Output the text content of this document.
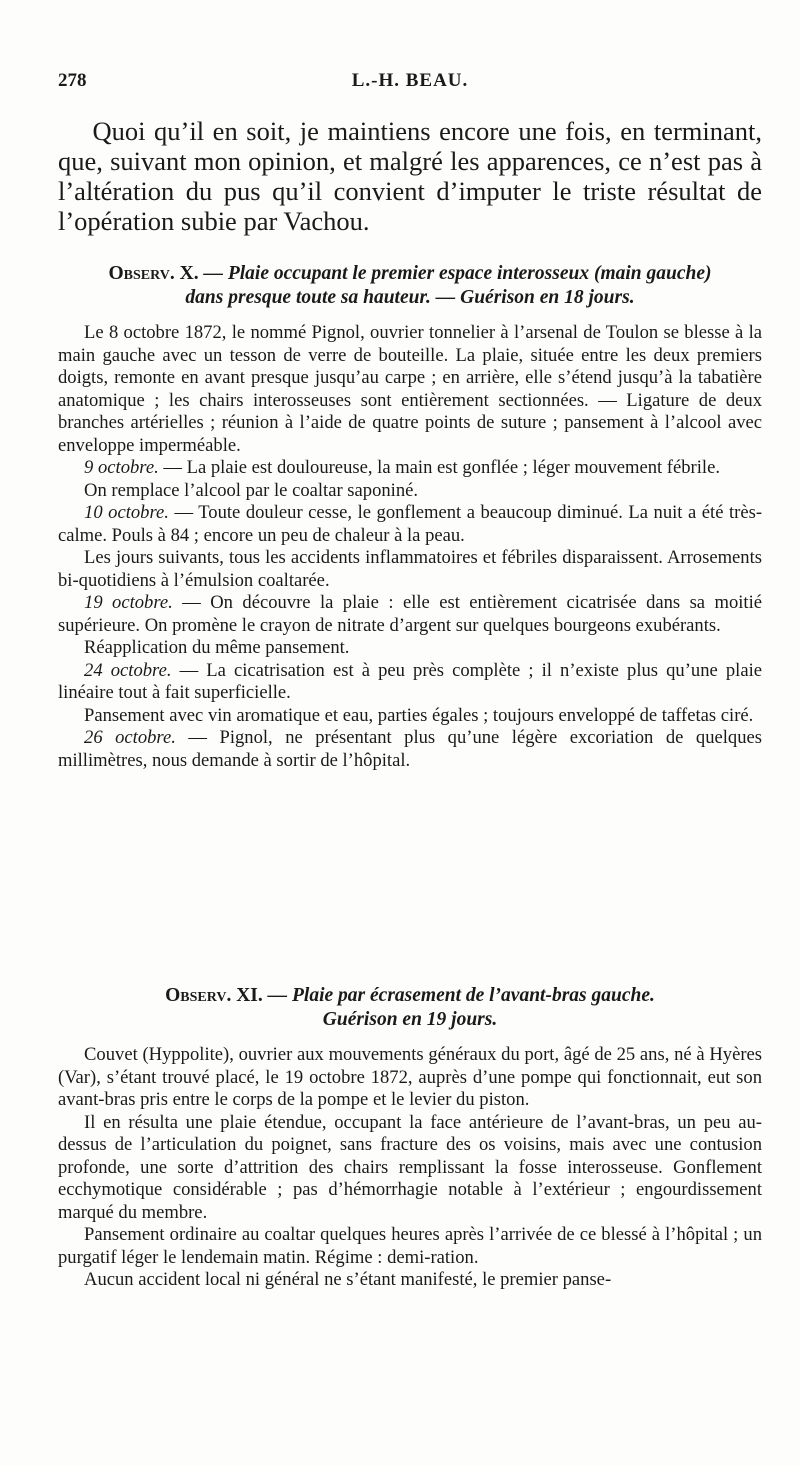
278	L.-H. BEAU.

Quoi qu’il en soit, je maintiens encore une fois, en terminant, que, suivant mon opinion, et malgré les apparences, ce n’est pas à l’altération du pus qu’il convient d’imputer le triste résultat de l’opération subie par Vachou.

Observ. X. — Plaie occupant le premier espace interosseux (main gauche)
dans presque toute sa hauteur. — Guérison en 18 jours.

Le 8 octobre 1872, le nommé Pignol, ouvrier tonnelier à l’arsenal de Toulon se blesse à la main gauche avec un tesson de verre de bouteille. La plaie, située entre les deux premiers doigts, remonte en avant presque jusqu’au carpe ; en arrière, elle s’étend jusqu’à la tabatière anatomique ; les chairs interosseuses sont entièrement sectionnées. — Ligature de deux branches artérielles ; réunion à l’aide de quatre points de suture ; pansement à l’alcool avec enveloppe imperméable.

9 octobre. — La plaie est douloureuse, la main est gonflée ; léger mouvement fébrile.

On remplace l’alcool par le coaltar saponiné.

10 octobre. — Toute douleur cesse, le gonflement a beaucoup diminué. La nuit a été très-calme. Pouls à 84 ; encore un peu de chaleur à la peau.

Les jours suivants, tous les accidents inflammatoires et fébriles disparaissent. Arrosements bi-quotidiens à l’émulsion coaltarée.

19 octobre. — On découvre la plaie : elle est entièrement cicatrisée dans sa moitié supérieure. On promène le crayon de nitrate d’argent sur quelques bourgeons exubérants.

Réapplication du même pansement.

24 octobre. — La cicatrisation est à peu près complète ; il n’existe plus qu’une plaie linéaire tout à fait superficielle.

Pansement avec vin aromatique et eau, parties égales ; toujours enveloppé de taffetas ciré.

26 octobre. — Pignol, ne présentant plus qu’une légère excoriation de quelques millimètres, nous demande à sortir de l’hôpital.

Observ. XI. — Plaie par écrasement de l’avant-bras gauche.
Guérison en 19 jours.

Couvet (Hyppolite), ouvrier aux mouvements généraux du port, âgé de 25 ans, né à Hyères (Var), s’étant trouvé placé, le 19 octobre 1872, auprès d’une pompe qui fonctionnait, eut son avant-bras pris entre le corps de la pompe et le levier du piston.

Il en résulta une plaie étendue, occupant la face antérieure de l’avant-bras, un peu au-dessus de l’articulation du poignet, sans fracture des os voisins, mais avec une contusion profonde, une sorte d’attrition des chairs remplissant la fosse interosseuse. Gonflement ecchymotique considérable ; pas d’hémorrhagie notable à l’extérieur ; engourdissement marqué du membre.

Pansement ordinaire au coaltar quelques heures après l’arrivée de ce blessé à l’hôpital ; un purgatif léger le lendemain matin. Régime : demi-ration.

Aucun accident local ni général ne s’étant manifesté, le premier panse-
